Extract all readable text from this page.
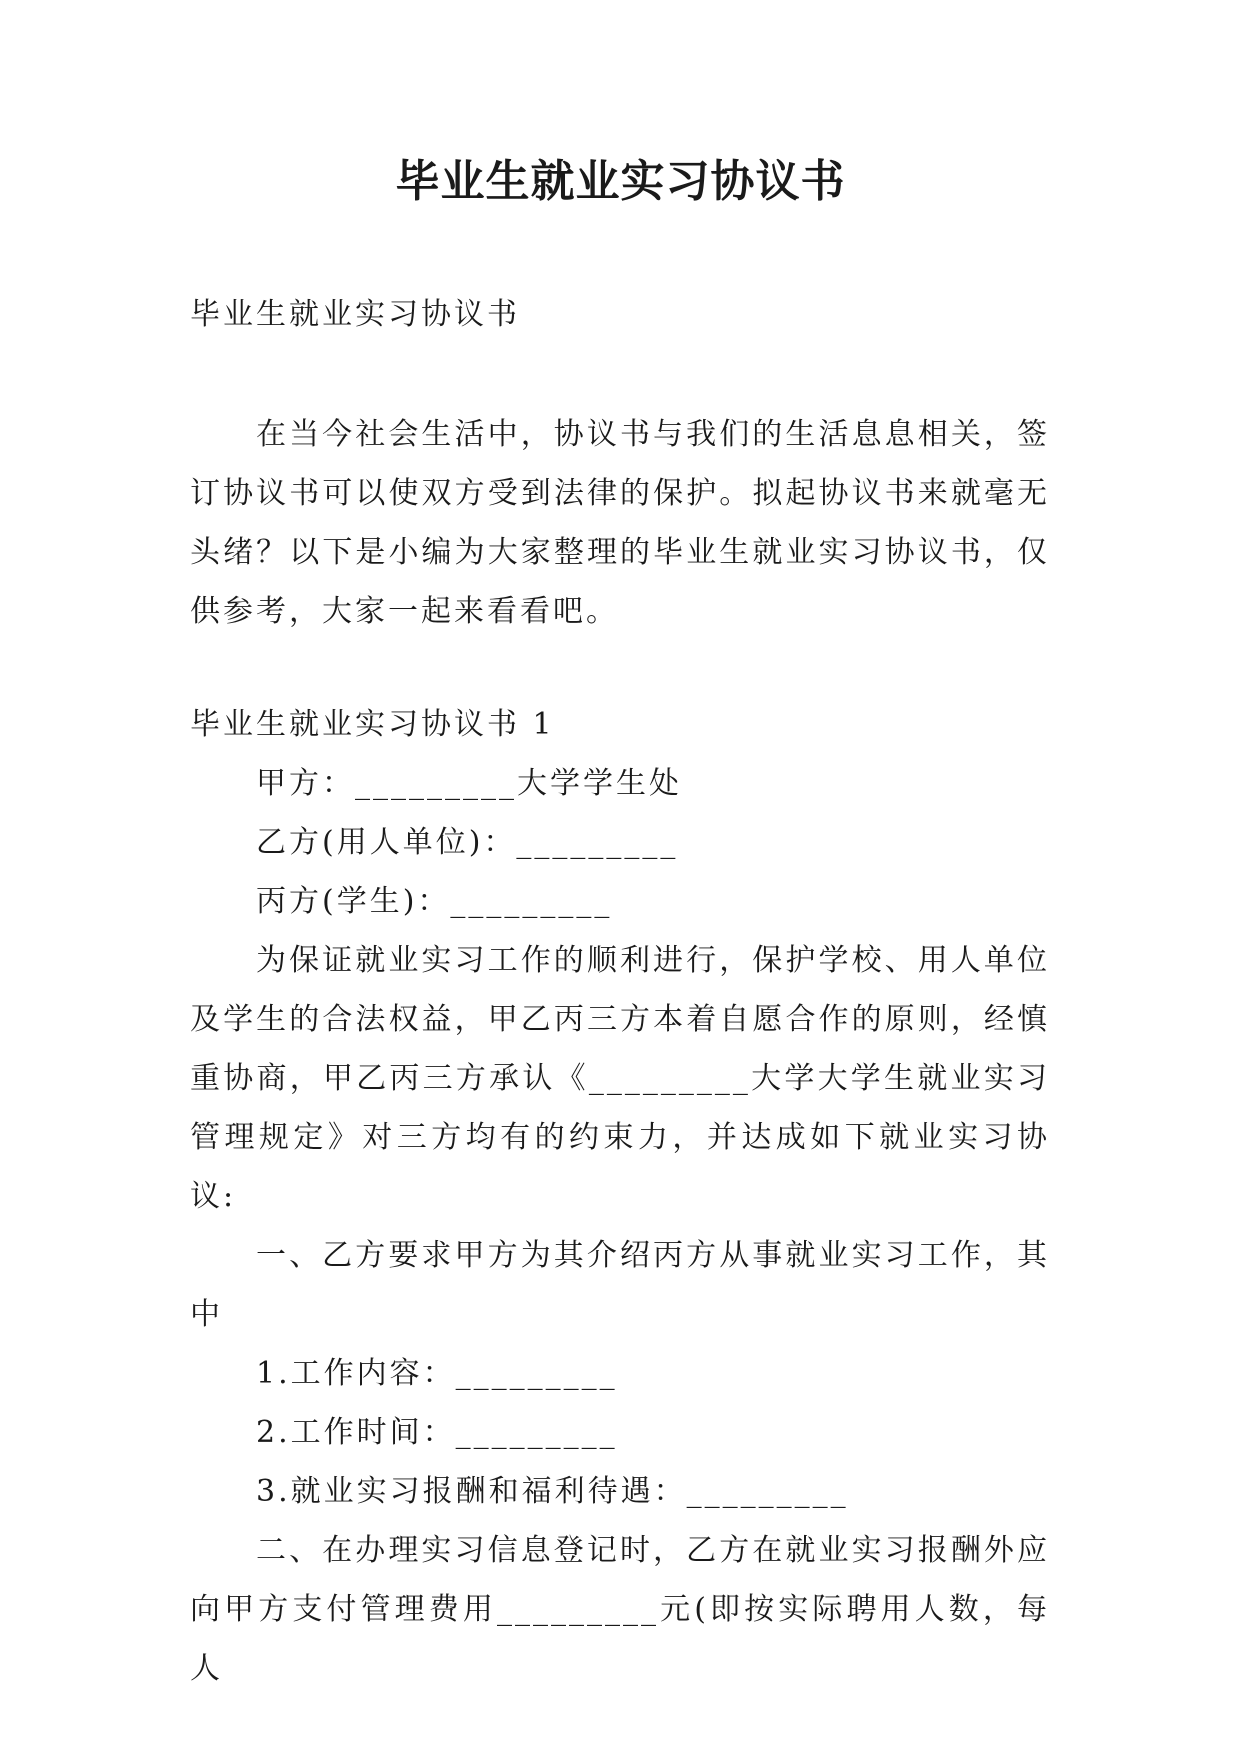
毕业生就业实习协议书
毕业生就业实习协议书

在当今社会生活中，协议书与我们的生活息息相关，签订协议书可以使双方受到法律的保护。拟起协议书来就毫无头绪？以下是小编为大家整理的毕业生就业实习协议书，仅供参考，大家一起来看看吧。

毕业生就业实习协议书 1

甲方：_________大学学生处

乙方(用人单位)：_________

丙方(学生)：_________

为保证就业实习工作的顺利进行，保护学校、用人单位及学生的合法权益，甲乙丙三方本着自愿合作的原则，经慎重协商，甲乙丙三方承认《_________大学大学生就业实习管理规定》对三方均有的约束力，并达成如下就业实习协议:

一、乙方要求甲方为其介绍丙方从事就业实习工作，其中

1.工作内容：_________

2.工作时间：_________

3.就业实习报酬和福利待遇：_________

二、在办理实习信息登记时，乙方在就业实习报酬外应向甲方支付管理费用_________元(即按实际聘用人数，每人
